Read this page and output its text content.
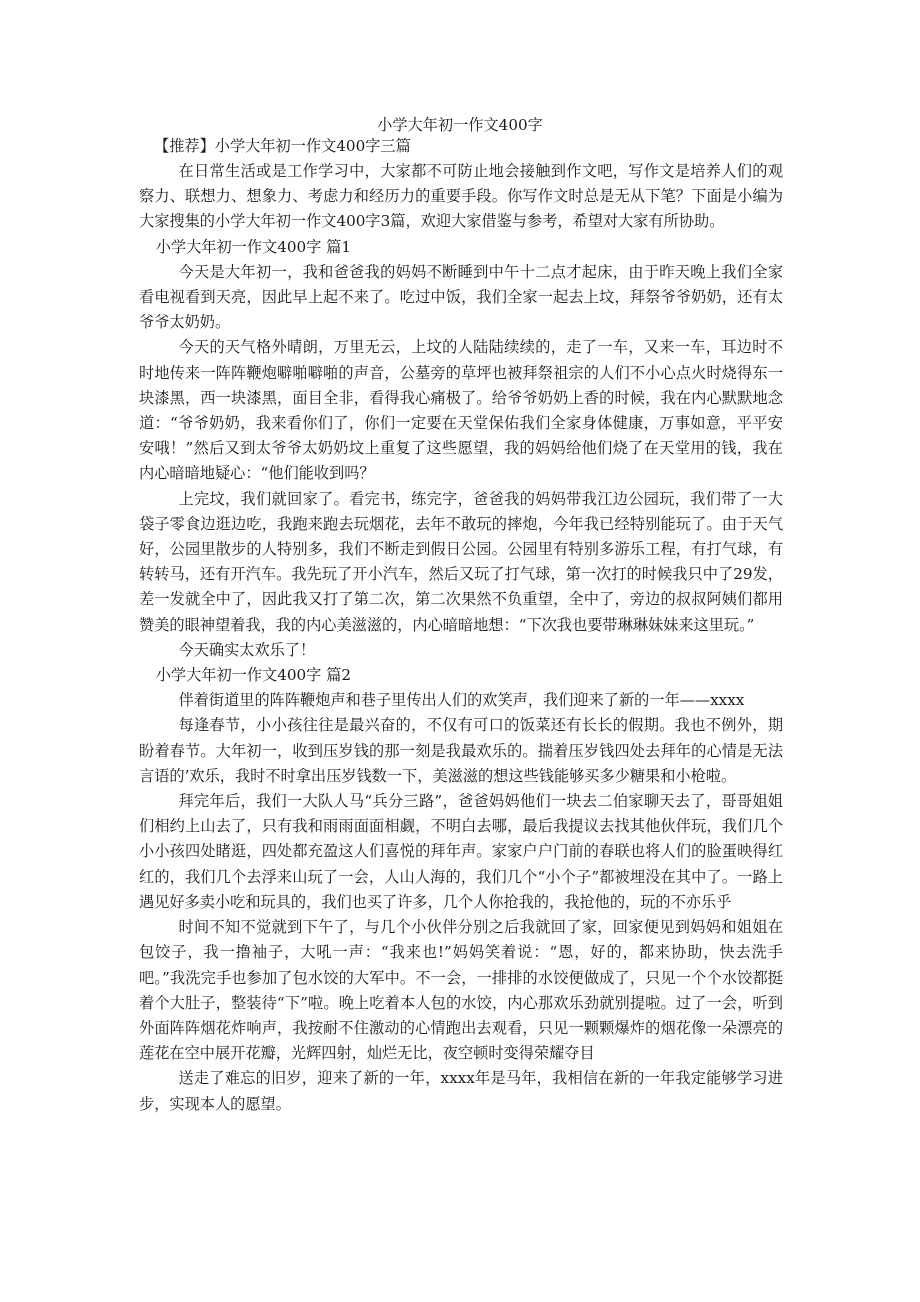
小学大年初一作文400字
【推荐】小学大年初一作文400字三篇

在日常生活或是工作学习中，大家都不可防止地会接触到作文吧，写作文是培养人们的观察力、联想力、想象力、考虑力和经历力的重要手段。你写作文时总是无从下笔？下面是小编为大家搜集的小学大年初一作文400字3篇，欢迎大家借鉴与参考，希望对大家有所协助。

小学大年初一作文400字 篇1

今天是大年初一，我和爸爸我的妈妈不断睡到中午十二点才起床，由于昨天晚上我们全家看电视看到天亮，因此早上起不来了。吃过中饭，我们全家一起去上坟，拜祭爷爷奶奶，还有太爷爷太奶奶。

今天的天气格外晴朗，万里无云，上坟的人陆陆续续的，走了一车，又来一车，耳边时不时地传来一阵阵鞭炮噼啪噼啪的声音，公墓旁的草坪也被拜祭祖宗的人们不小心点火时烧得东一块漆黑，西一块漆黑，面目全非，看得我心痛极了。给爷爷奶奶上香的时候，我在内心默默地念道：“爷爷奶奶，我来看你们了，你们一定要在天堂保佑我们全家身体健康，万事如意，平平安安哦！”然后又到太爷爷太奶奶坟上重复了这些愿望，我的妈妈给他们烧了在天堂用的钱，我在内心暗暗地疑心：“他们能收到吗？

上完坟，我们就回家了。看完书，练完字，爸爸我的妈妈带我江边公园玩，我们带了一大袋子零食边逛边吃，我跑来跑去玩烟花，去年不敢玩的摔炮，今年我已经特别能玩了。由于天气好，公园里散步的人特别多，我们不断走到假日公园。公园里有特别多游乐工程，有打气球，有转转马，还有开汽车。我先玩了开小汽车，然后又玩了打气球，第一次打的时候我只中了29发，差一发就全中了，因此我又打了第二次，第二次果然不负重望，全中了，旁边的叔叔阿姨们都用赞美的眼神望着我，我的内心美滋滋的，内心暗暗地想：“下次我也要带琳琳妹妹来这里玩。”

今天确实太欢乐了！

小学大年初一作文400字 篇2

伴着街道里的阵阵鞭炮声和巷子里传出人们的欢笑声，我们迎来了新的一年——xxxx

每逢春节，小小孩往往是最兴奋的，不仅有可口的饭菜还有长长的假期。我也不例外，期盼着春节。大年初一，收到压岁钱的那一刻是我最欢乐的。揣着压岁钱四处去拜年的心情是无法言语的’欢乐，我时不时拿出压岁钱数一下，美滋滋的想这些钱能够买多少糖果和小枪啦。

拜完年后，我们一大队人马“兵分三路”，爸爸妈妈他们一块去二伯家聊天去了，哥哥姐姐们相约上山去了，只有我和雨雨面面相觑，不明白去哪，最后我提议去找其他伙伴玩，我们几个小小孩四处睹逛，四处都充盈这人们喜悦的拜年声。家家户户门前的春联也将人们的脸蛋映得红红的，我们几个去浮来山玩了一会，人山人海的，我们几个“小个子”都被埋没在其中了。一路上遇见好多卖小吃和玩具的，我们也买了许多，几个人你抢我的，我抢他的，玩的不亦乐乎

时间不知不觉就到下午了，与几个小伙伴分别之后我就回了家，回家便见到妈妈和姐姐在包饺子，我一撸袖子，大吼一声：“我来也!”妈妈笑着说：“恩，好的，都来协助，快去洗手吧。”我洗完手也参加了包水饺的大军中。不一会，一排排的水饺便做成了，只见一个个水饺都挺着个大肚子，整装待“下”啦。晚上吃着本人包的水饺，内心那欢乐劲就别提啦。过了一会，听到外面阵阵烟花炸响声，我按耐不住激动的心情跑出去观看，只见一颗颗爆炸的烟花像一朵漂亮的莲花在空中展开花瓣，光辉四射，灿烂无比，夜空顿时变得荣耀夺目

送走了难忘的旧岁，迎来了新的一年，xxxx年是马年，我相信在新的一年我定能够学习进步，实现本人的愿望。
